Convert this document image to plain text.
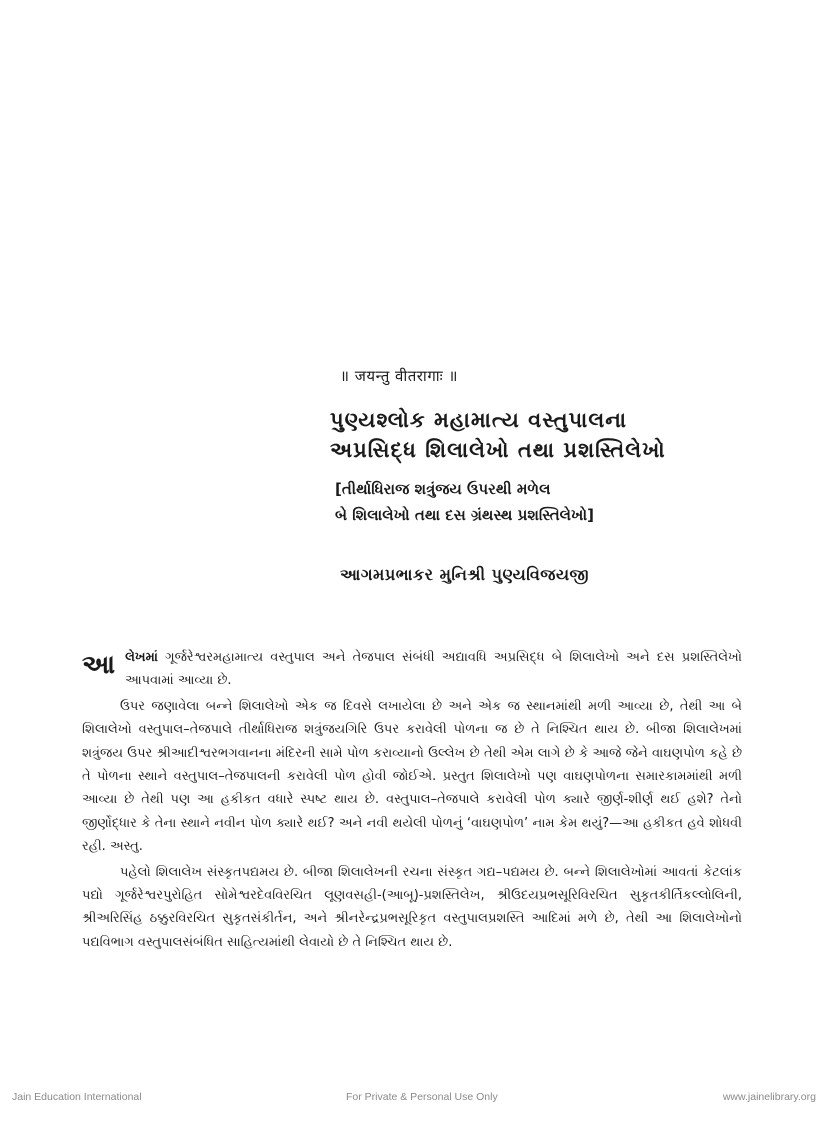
॥ जयन्तु वीतरागाः ॥
પુણ્યશ્લોક મહામાત્ય વસ્તુપાલના
અપ્રસિદ્ધ શિલાલેખો તથા પ્રશસ્તિલેખો
[તીર્થાધિરાજ શત્રુંજય ઉપરથી મળેલ
બે શિલાલેખો તથા દસ ગ્રંથસ્થ પ્રશસ્તિલેખો]
આગમપ્રભાકર મુનિશ્રી પુણ્યવિજયજી

આ લેખમાં ગૂર્જરેશ્વરમહામાત્ય વસ્તુપાલ અને તેજપાલ સંબંધી અદ્યાવધિ અપ્રસિદ્ધ બે શિલાલેખો અને દસ પ્રશસ્તિલેખો આપવામાં આવ્યા છે.

ઉપર જણાવેલા બન્ને શિલાલેખો એક જ દિવસે લખાયેલા છે અને એક જ સ્થાનમાંથી મળી આવ્યા છે, તેથી આ બે શિલાલેખો વસ્તુપાલ–તેજપાલે તીર્થાધિરાજ શત્રુંજયગિરિ ઉપર કરાવેલી પોળના જ છે તે નિશ્ચિત થાય છે. બીજા શિલાલેખમાં શત્રુંજય ઉપર શ્રીઆદીશ્વરભગવાનના મંદિરની સામે પોળ કરાવ્યાનો ઉલ્લેખ છે તેથી એમ લાગે છે કે આજે જેને વાઘણપોળ કહે છે તે પોળના સ્થાને વસ્તુપાલ–તેજપાલની કરાવેલી પોળ હોવી જોઈએ. પ્રસ્તુત શિલાલેખો પણ વાઘણપોળના સમારકામમાંથી મળી આવ્યા છે તેથી પણ આ હકીકત વધારે સ્પષ્ટ થાય છે. વસ્તુપાલ–તેજપાલે કરાવેલી પોળ ક્યારે જીર્ણ-શીર્ણ થઈ હશે? તેનો જીર્ણોદ્ધાર કે તેના સ્થાને નવીન પોળ ક્યારે થઈ? અને નવી થયેલી પોળનું ‘વાઘણપોળ’ નામ કેમ થયું?—આ હકીકત હવે શોધવી રહી. અસ્તુ.

પહેલો શિલાલેખ સંસ્કૃતપદ્યમય છે. બીજા શિલાલેખની રચના સંસ્કૃત ગદ્ય–પદ્યમય છે. બન્ને શિલાલેખોમાં આવતાં કેટલાંક પદ્યો ગૂર્જરેશ્વરપુરોહિત સોમેશ્વરદેવવિરચિત લૂણવસહી-(આબૂ)-પ્રશસ્તિલેખ, શ્રીઉદયપ્રભસૂરિવિરચિત સુકૃતકીર્તિકલ્લોલિની, શ્રીઅરિસિંહ ઠક્કુરવિરચિત સુકૃતસંકીર્તન, અને શ્રીનરેન્દ્રપ્રભસૂરિકૃત વસ્તુપાલપ્રશસ્તિ આદિમાં મળે છે, તેથી આ શિલાલેખોનો પદ્યવિભાગ વસ્તુપાલસંબંધિત સાહિત્યમાંથી લેવાયો છે તે નિશ્ચિત થાય છે.

Jain Education International	For Private & Personal Use Only	www.jainelibrary.org
